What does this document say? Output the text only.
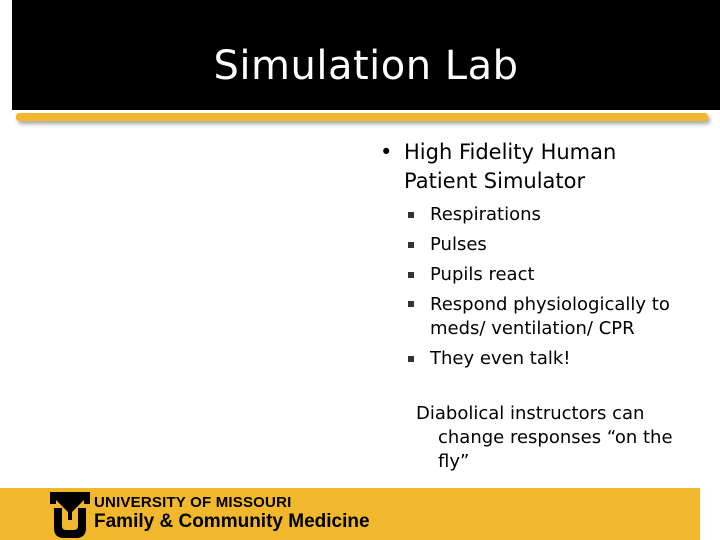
Simulation Lab
• High Fidelity Human Patient Simulator
Respirations
Pulses
Pupils react
Respond physiologically to meds/ ventilation/ CPR
They even talk!
Diabolical instructors can
change responses “on the fly”
UNIVERSITY OF MISSOURI
Family & Community Medicine
